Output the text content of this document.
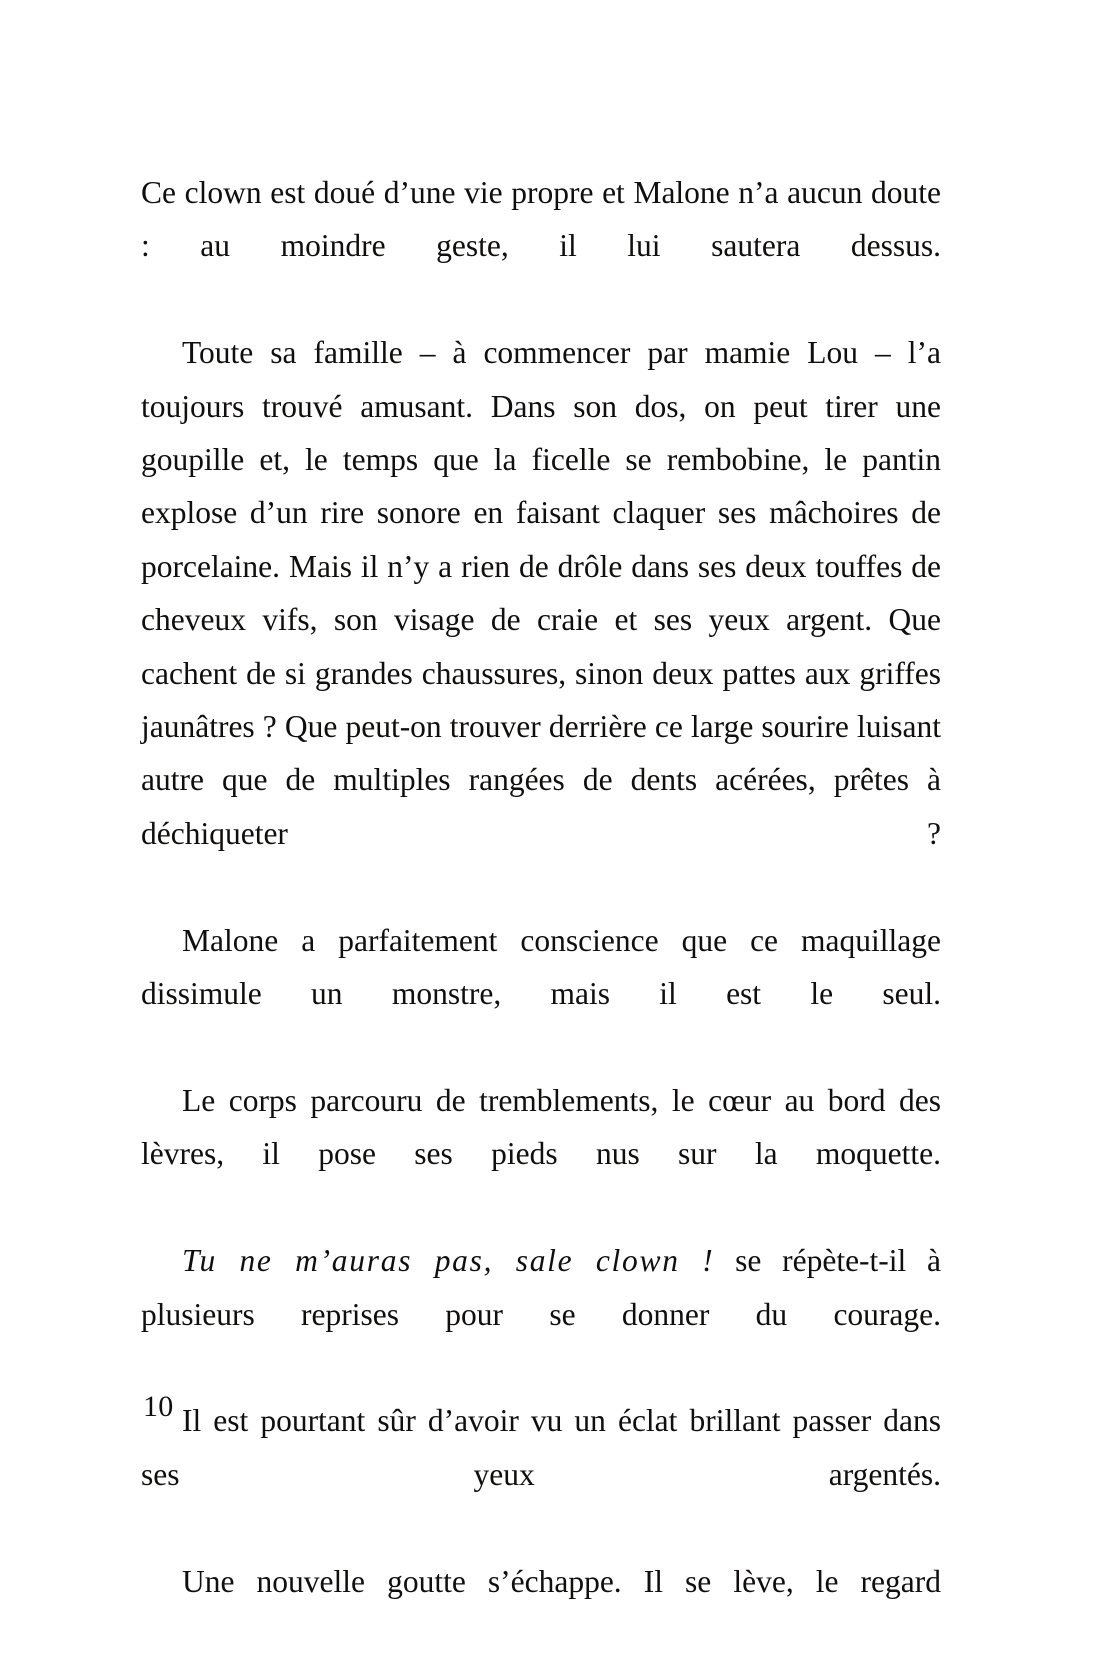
Ce clown est doué d’une vie propre et Malone n’a aucun doute : au moindre geste, il lui sautera dessus.

Toute sa famille – à commencer par mamie Lou – l’a toujours trouvé amusant. Dans son dos, on peut tirer une goupille et, le temps que la ficelle se rembobine, le pantin explose d’un rire sonore en faisant claquer ses mâchoires de porcelaine. Mais il n’y a rien de drôle dans ses deux touffes de cheveux vifs, son visage de craie et ses yeux argent. Que cachent de si grandes chaussures, sinon deux pattes aux griffes jaunâtres ? Que peut-on trouver derrière ce large sourire luisant autre que de multiples rangées de dents acérées, prêtes à déchiqueter ?

Malone a parfaitement conscience que ce maquillage dissimule un monstre, mais il est le seul.

Le corps parcouru de tremblements, le cœur au bord des lèvres, il pose ses pieds nus sur la moquette.

Tu ne m’auras pas, sale clown ! se répète-t-il à plusieurs reprises pour se donner du courage.

Il est pourtant sûr d’avoir vu un éclat brillant passer dans ses yeux argentés.

Une nouvelle goutte s’échappe. Il se lève, le regard

10
